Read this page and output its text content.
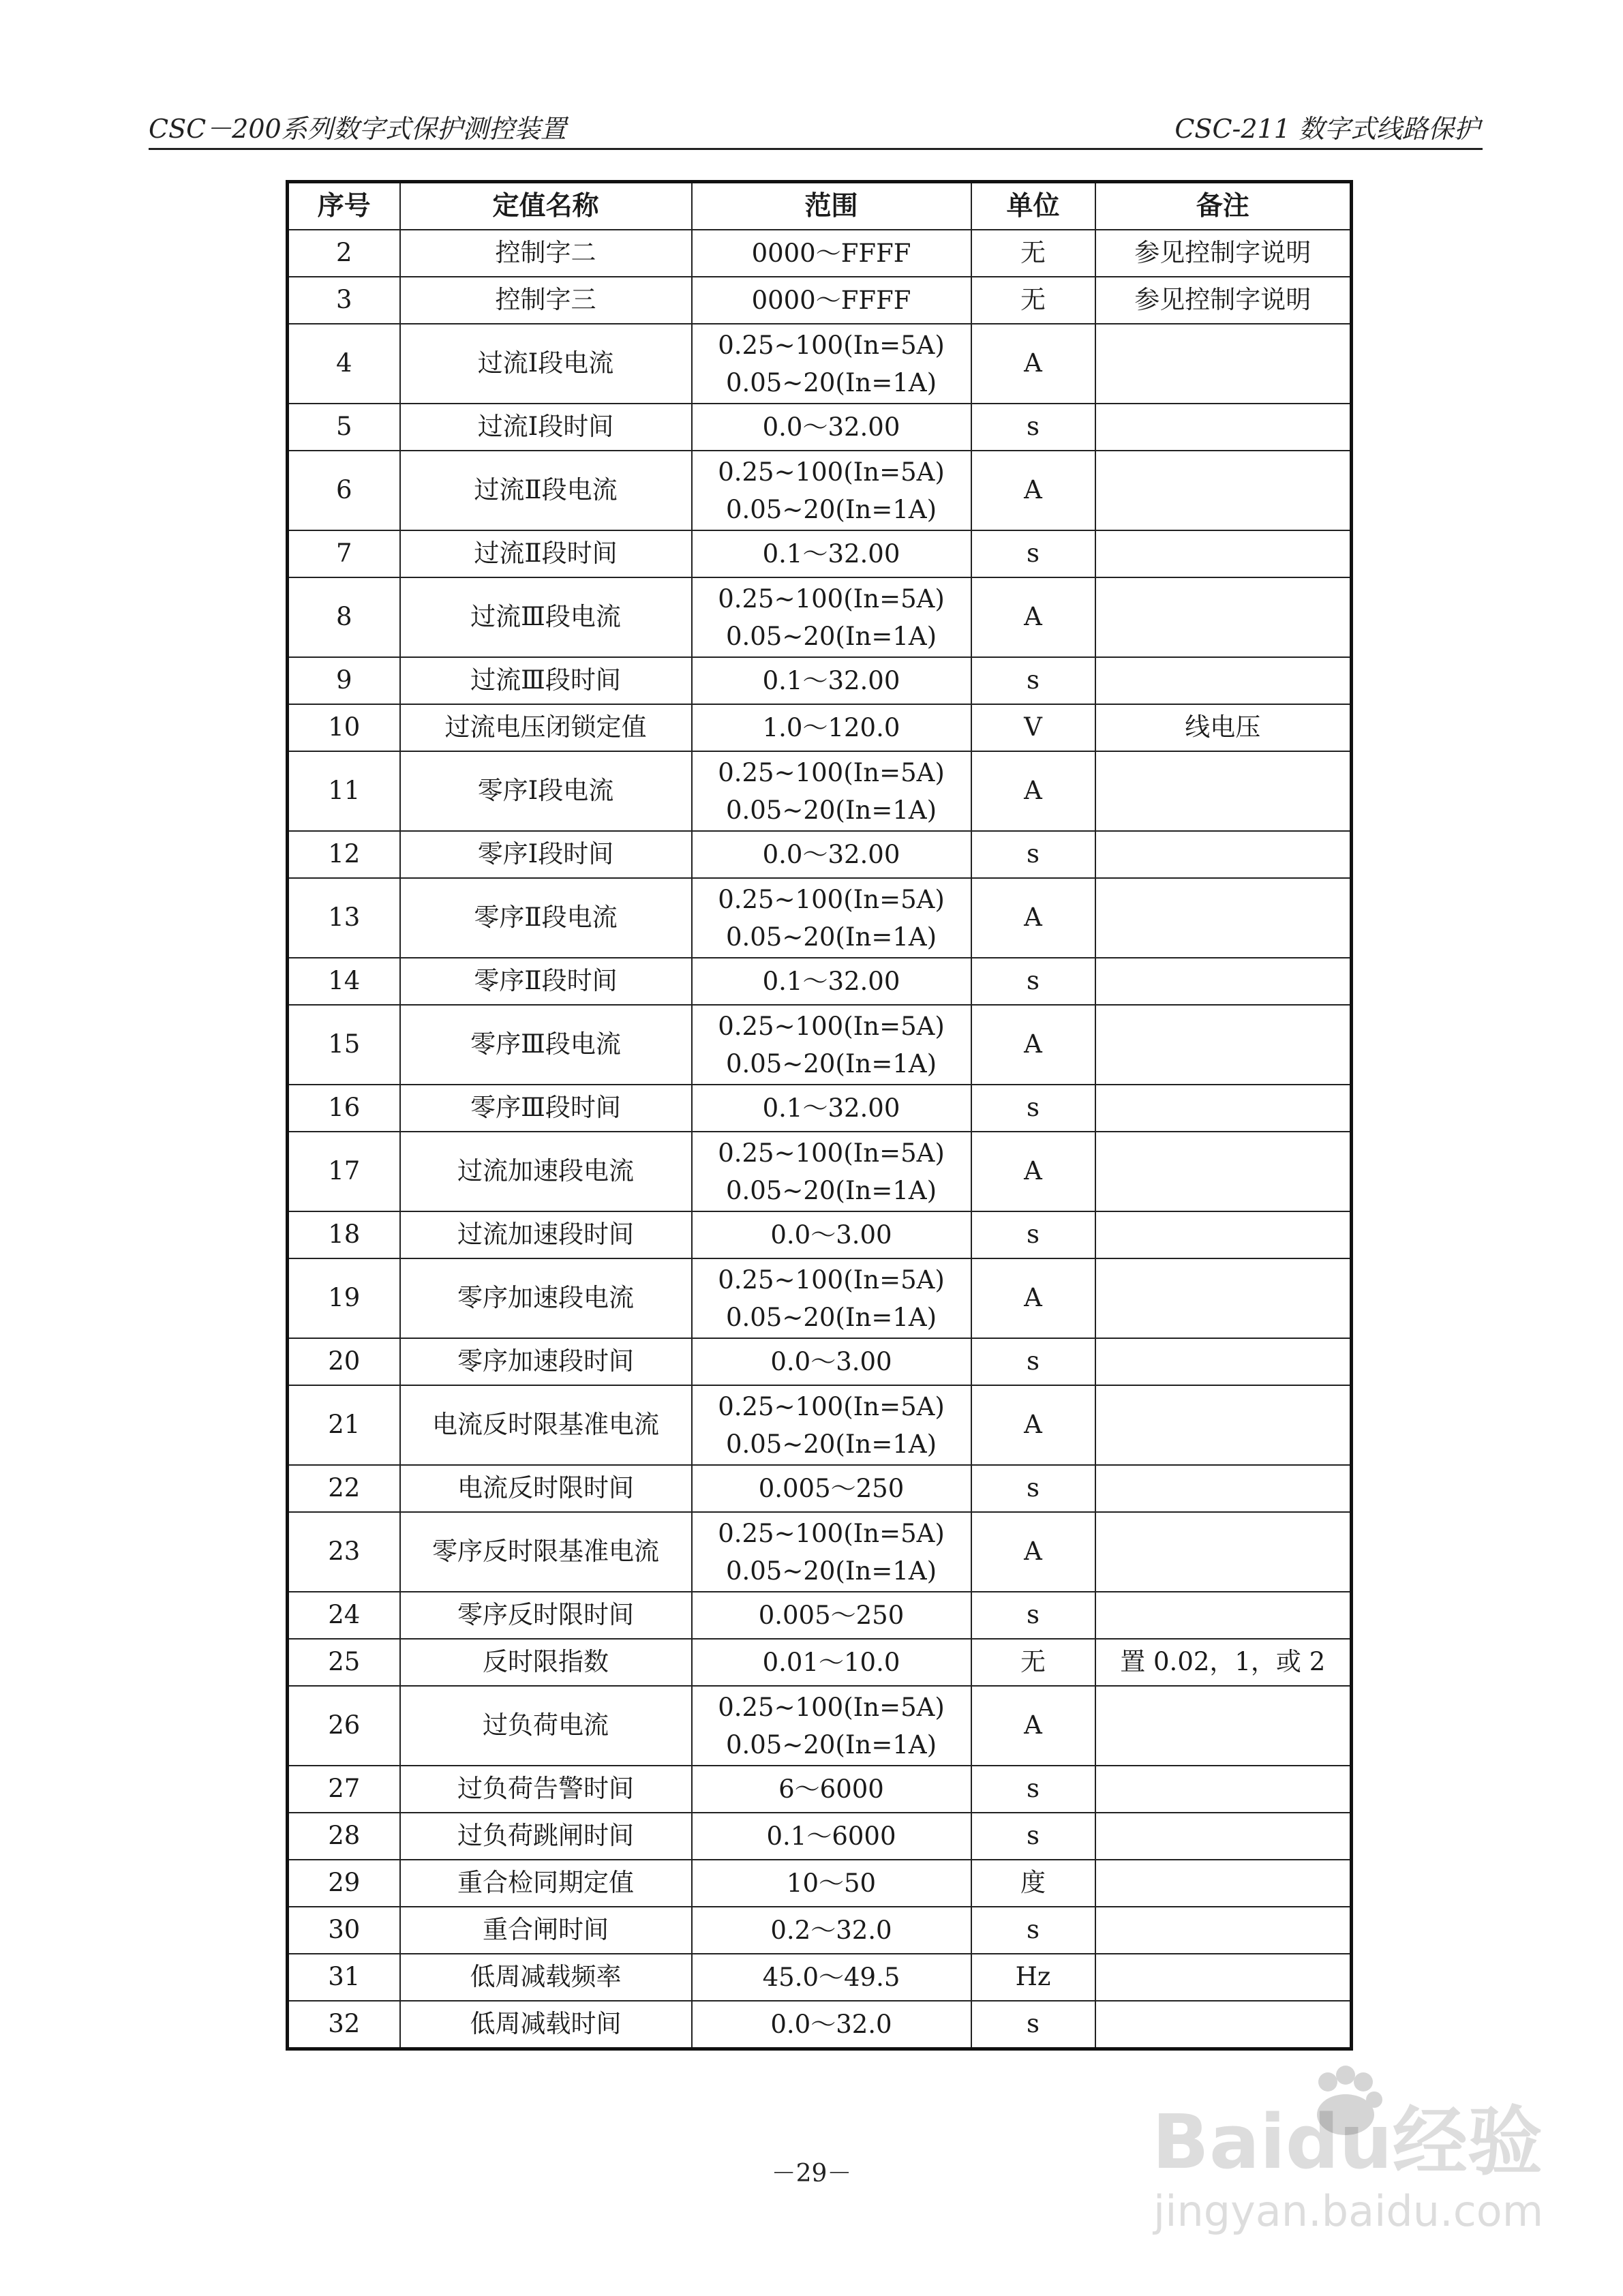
CSC－200系列数字式保护测控装置	CSC-211 数字式线路保护
序号	定值名称	范围	单位	备注
2	控制字二	0000～FFFF	无	参见控制字说明
3	控制字三	0000～FFFF	无	参见控制字说明
4	过流Ⅰ段电流	0.25~100(In=5A)
0.05~20(In=1A)	A	
5	过流Ⅰ段时间	0.0～32.00	s	
6	过流Ⅱ段电流	0.25~100(In=5A)
0.05~20(In=1A)	A	
7	过流Ⅱ段时间	0.1～32.00	s	
8	过流Ⅲ段电流	0.25~100(In=5A)
0.05~20(In=1A)	A	
9	过流Ⅲ段时间	0.1～32.00	s	
10	过流电压闭锁定值	1.0～120.0	V	线电压
11	零序Ⅰ段电流	0.25~100(In=5A)
0.05~20(In=1A)	A	
12	零序Ⅰ段时间	0.0～32.00	s	
13	零序Ⅱ段电流	0.25~100(In=5A)
0.05~20(In=1A)	A	
14	零序Ⅱ段时间	0.1～32.00	s	
15	零序Ⅲ段电流	0.25~100(In=5A)
0.05~20(In=1A)	A	
16	零序Ⅲ段时间	0.1～32.00	s	
17	过流加速段电流	0.25~100(In=5A)
0.05~20(In=1A)	A	
18	过流加速段时间	0.0～3.00	s	
19	零序加速段电流	0.25~100(In=5A)
0.05~20(In=1A)	A	
20	零序加速段时间	0.0～3.00	s	
21	电流反时限基准电流	0.25~100(In=5A)
0.05~20(In=1A)	A	
22	电流反时限时间	0.005～250	s	
23	零序反时限基准电流	0.25~100(In=5A)
0.05~20(In=1A)	A	
24	零序反时限时间	0.005～250	s	
25	反时限指数	0.01～10.0	无	置 0.02，1，或 2
26	过负荷电流	0.25~100(In=5A)
0.05~20(In=1A)	A	
27	过负荷告警时间	6～6000	s	
28	过负荷跳闸时间	0.1～6000	s	
29	重合检同期定值	10～50	度	
30	重合闸时间	0.2～32.0	s	
31	低周减载频率	45.0～49.5	Hz	
32	低周减载时间	0.0～32.0	s	
－29－	Baidu经验
jingyan.baidu.com
